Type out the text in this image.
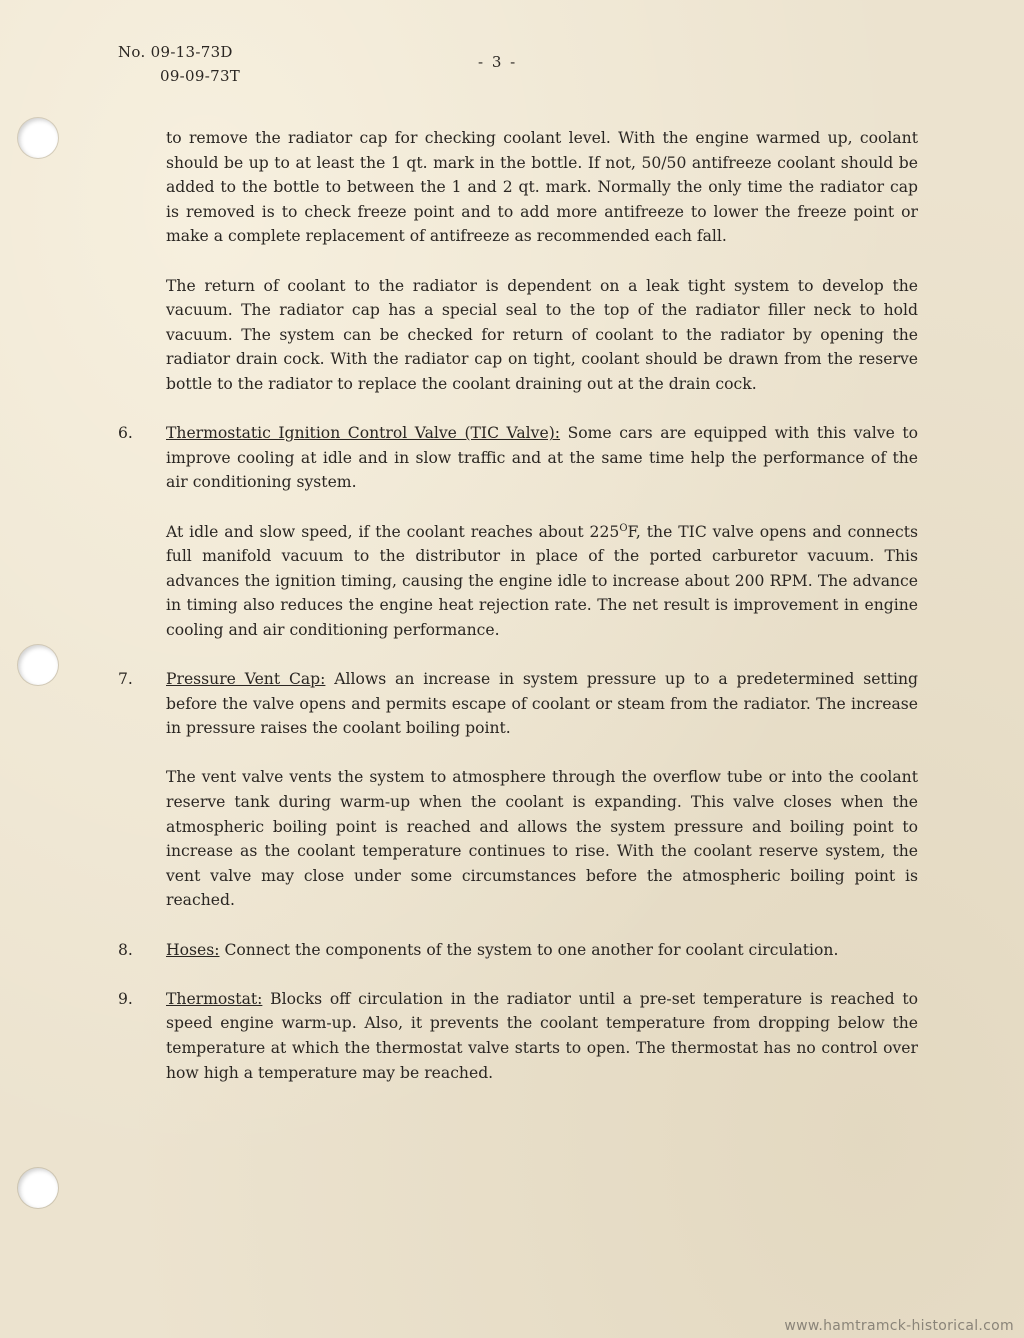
No. 09-13-73D
09-09-73T
- 3 -

to remove the radiator cap for checking coolant level. With the engine warmed up, coolant should be up to at least the 1 qt. mark in the bottle. If not, 50/50 antifreeze coolant should be added to the bottle to between the 1 and 2 qt. mark. Normally the only time the radiator cap is removed is to check freeze point and to add more antifreeze to lower the freeze point or make a complete replacement of antifreeze as recommended each fall.

The return of coolant to the radiator is dependent on a leak tight system to develop the vacuum. The radiator cap has a special seal to the top of the radiator filler neck to hold vacuum. The system can be checked for return of coolant to the radiator by opening the radiator drain cock. With the radiator cap on tight, coolant should be drawn from the reserve bottle to the radiator to replace the coolant draining out at the drain cock.

6.	Thermostatic Ignition Control Valve (TIC Valve): Some cars are equipped with this valve to improve cooling at idle and in slow traffic and at the same time help the performance of the air conditioning system.

At idle and slow speed, if the coolant reaches about $225^OF$, the TIC valve opens and connects full manifold vacuum to the distributor in place of the ported carburetor vacuum. This advances the ignition timing, causing the engine idle to increase about 200 RPM. The advance in timing also reduces the engine heat rejection rate. The net result is improvement in engine cooling and air conditioning performance.

7.	Pressure Vent Cap: Allows an increase in system pressure up to a predetermined setting before the valve opens and permits escape of coolant or steam from the radiator. The increase in pressure raises the coolant boiling point.

The vent valve vents the system to atmosphere through the overflow tube or into the coolant reserve tank during warm-up when the coolant is expanding. This valve closes when the atmospheric boiling point is reached and allows the system pressure and boiling point to increase as the coolant temperature continues to rise. With the coolant reserve system, the vent valve may close under some circumstances before the atmospheric boiling point is reached.

8.	Hoses: Connect the components of the system to one another for coolant circulation.
9.	Thermostat: Blocks off circulation in the radiator until a pre-set temperature is reached to speed engine warm-up. Also, it prevents the coolant temperature from dropping below the temperature at which the thermostat valve starts to open. The thermostat has no control over how high a temperature may be reached.
www.hamtramck-historical.com
